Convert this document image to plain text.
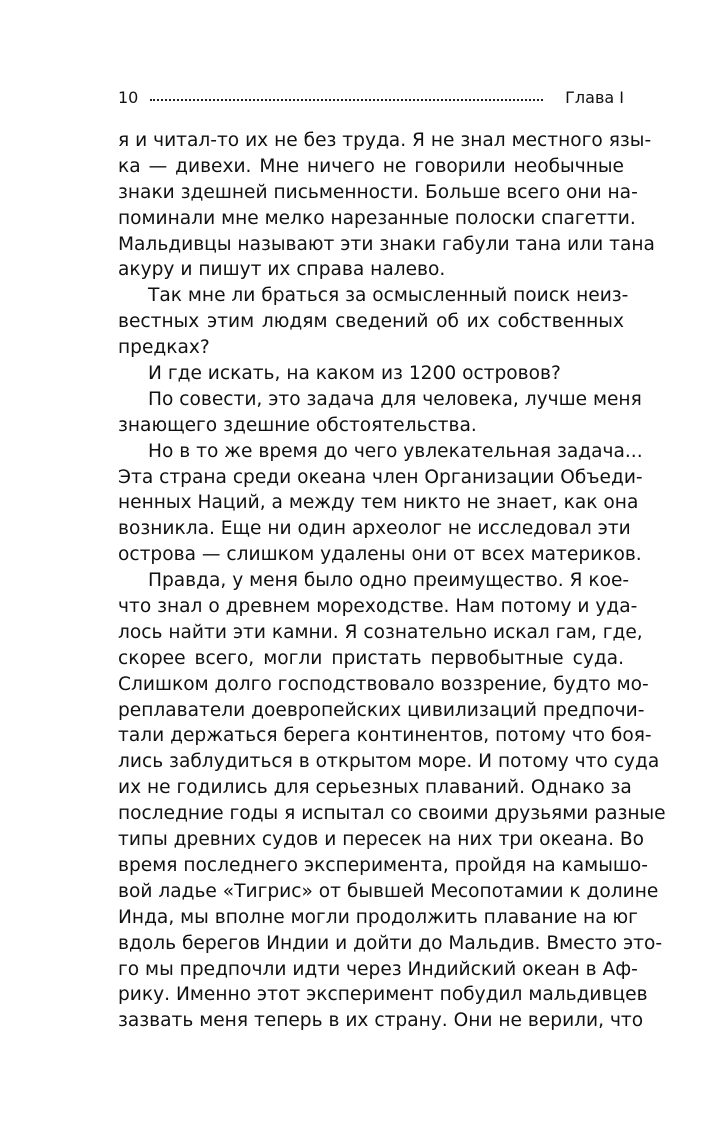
10	Глава I
я и читал-то их не без труда. Я не знал местного язы-
ка — дивехи. Мне ничего не говорили необычные
знаки здешней письменности. Больше всего они на-
поминали мне мелко нарезанные полоски спагетти.
Мальдивцы называют эти знаки габули тана или тана
акуру и пишут их справа налево.
Так мне ли браться за осмысленный поиск неиз-
вестных этим людям сведений об их собственных
предках?
И где искать, на каком из 1200 островов?
По совести, это задача для человека, лучше меня
знающего здешние обстоятельства.
Но в то же время до чего увлекательная задача...
Эта страна среди океана член Организации Объеди-
ненных Наций, а между тем никто не знает, как она
возникла. Еще ни один археолог не исследовал эти
острова — слишком удалены они от всех материков.
Правда, у меня было одно преимущество. Я кое-
что знал о древнем мореходстве. Нам потому и уда-
лось найти эти камни. Я сознательно искал гам, где,
скорее всего, могли пристать первобытные суда.
Слишком долго господствовало воззрение, будто мо-
реплаватели доевропейских цивилизаций предпочи-
тали держаться берега континентов, потому что боя-
лись заблудиться в открытом море. И потому что суда
их не годились для серьезных плаваний. Однако за
последние годы я испытал со своими друзьями разные
типы древних судов и пересек на них три океана. Во
время последнего эксперимента, пройдя на камышо-
вой ладье «Тигрис» от бывшей Месопотамии к долине
Инда, мы вполне могли продолжить плавание на юг
вдоль берегов Индии и дойти до Мальдив. Вместо это-
го мы предпочли идти через Индийский океан в Аф-
рику. Именно этот эксперимент побудил мальдивцев
зазвать меня теперь в их страну. Они не верили, что
